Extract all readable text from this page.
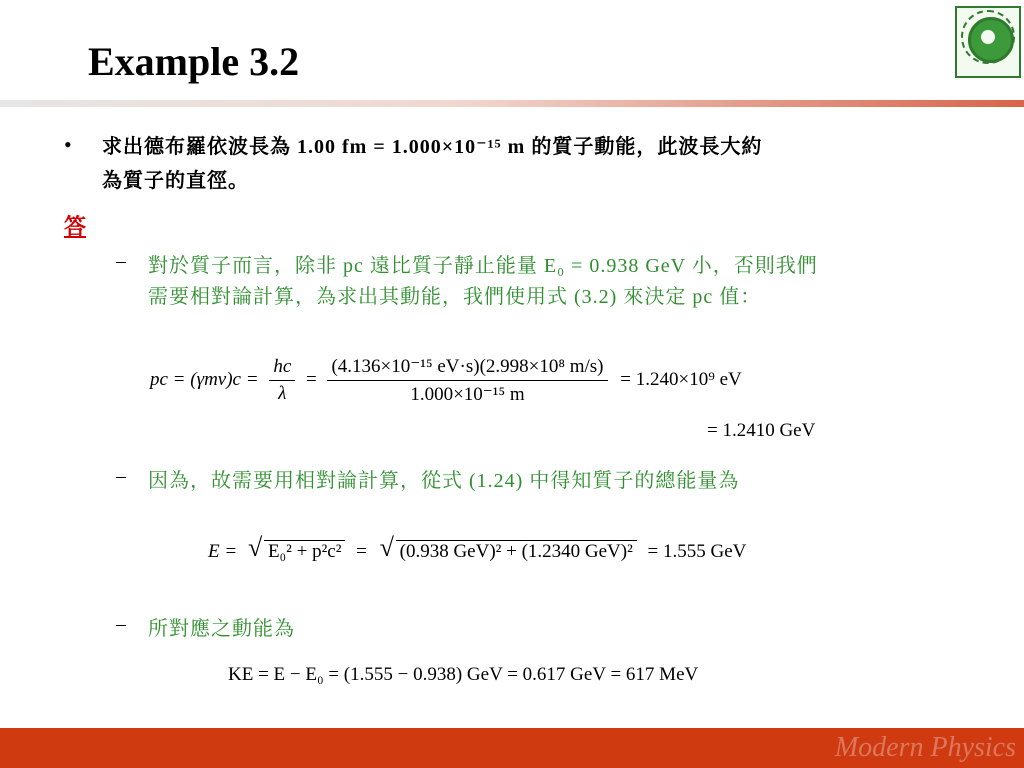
Example 3.2
• 求出德布羅依波長為 1.00 fm = 1.000×10⁻¹⁵ m 的質子動能，此波長大約
為質子的直徑。
答
– 對於質子而言，除非 pc 遠比質子靜止能量 E₀ = 0.938 GeV 小，否則我們
需要相對論計算，為求出其動能，我們使用式 (3.2) 來決定 pc 值：
pc = $(\gamma mv)c = \frac{hc}{\lambda} = \frac{\text{(4.136×10⁻¹⁵ eV·s)(2.998×10⁸ m/s)}}{\text{1.000×10⁻¹⁵ m}} = 1.240\times 10^9$ eV
= 1.2410 GeV
– 因為，故需要用相對論計算，從式 (1.24) 中得知質子的總能量為
E = √ E₀² + p²c² = √ (0.938 GeV)² + (1.2340 GeV)² = 1.555 GeV
– 所對應之動能為
KE = E − E₀ = (1.555 − 0.938) GeV = 0.617 GeV = 617 MeV
Modern Physics
